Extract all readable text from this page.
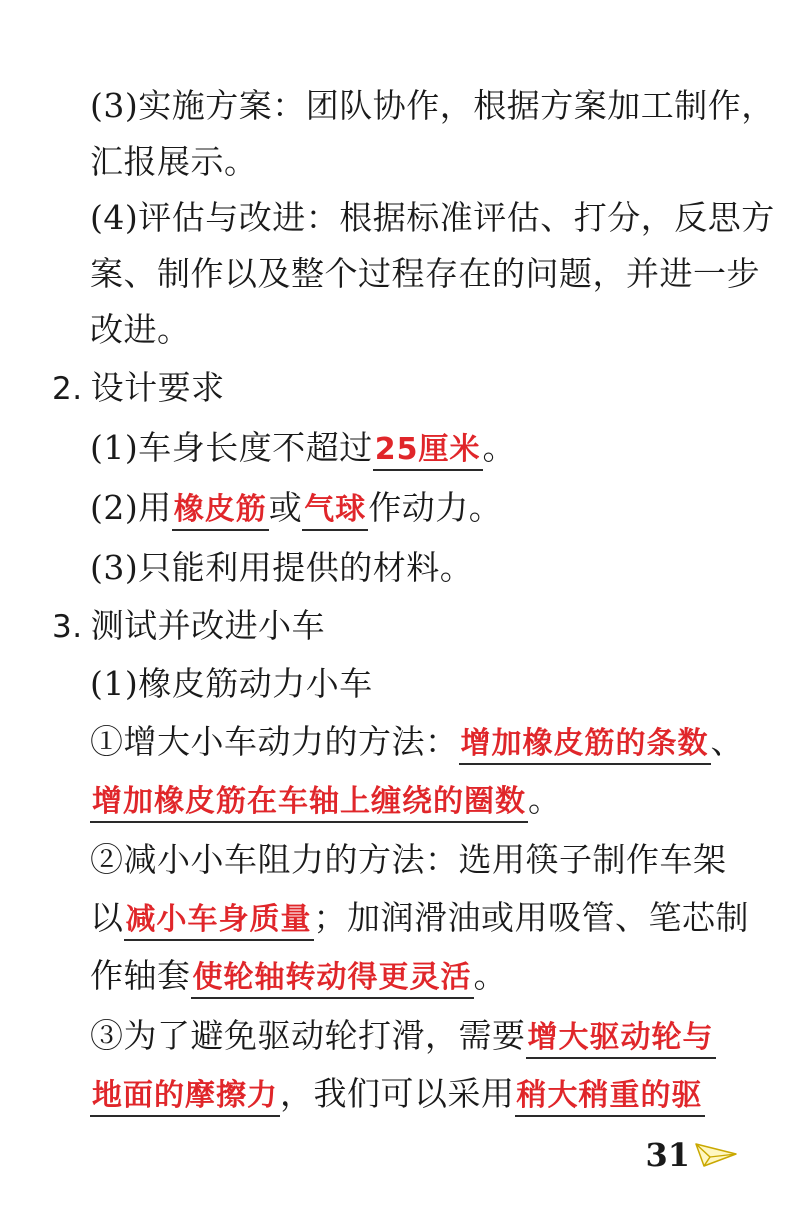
(3)实施方案：团队协作，根据方案加工制作，
汇报展示。
(4)评估与改进：根据标准评估、打分，反思方
案、制作以及整个过程存在的问题，并进一步
改进。
2. 设计要求
(1)车身长度不超过25厘米。
(2)用橡皮筋或气球作动力。
(3)只能利用提供的材料。
3. 测试并改进小车
(1)橡皮筋动力小车
①增大小车动力的方法：增加橡皮筋的条数、
增加橡皮筋在车轴上缠绕的圈数。
②减小小车阻力的方法：选用筷子制作车架
以减小车身质量；加润滑油或用吸管、笔芯制
作轴套使轮轴转动得更灵活。
③为了避免驱动轮打滑，需要增大驱动轮与
地面的摩擦力，我们可以采用稍大稍重的驱
31
